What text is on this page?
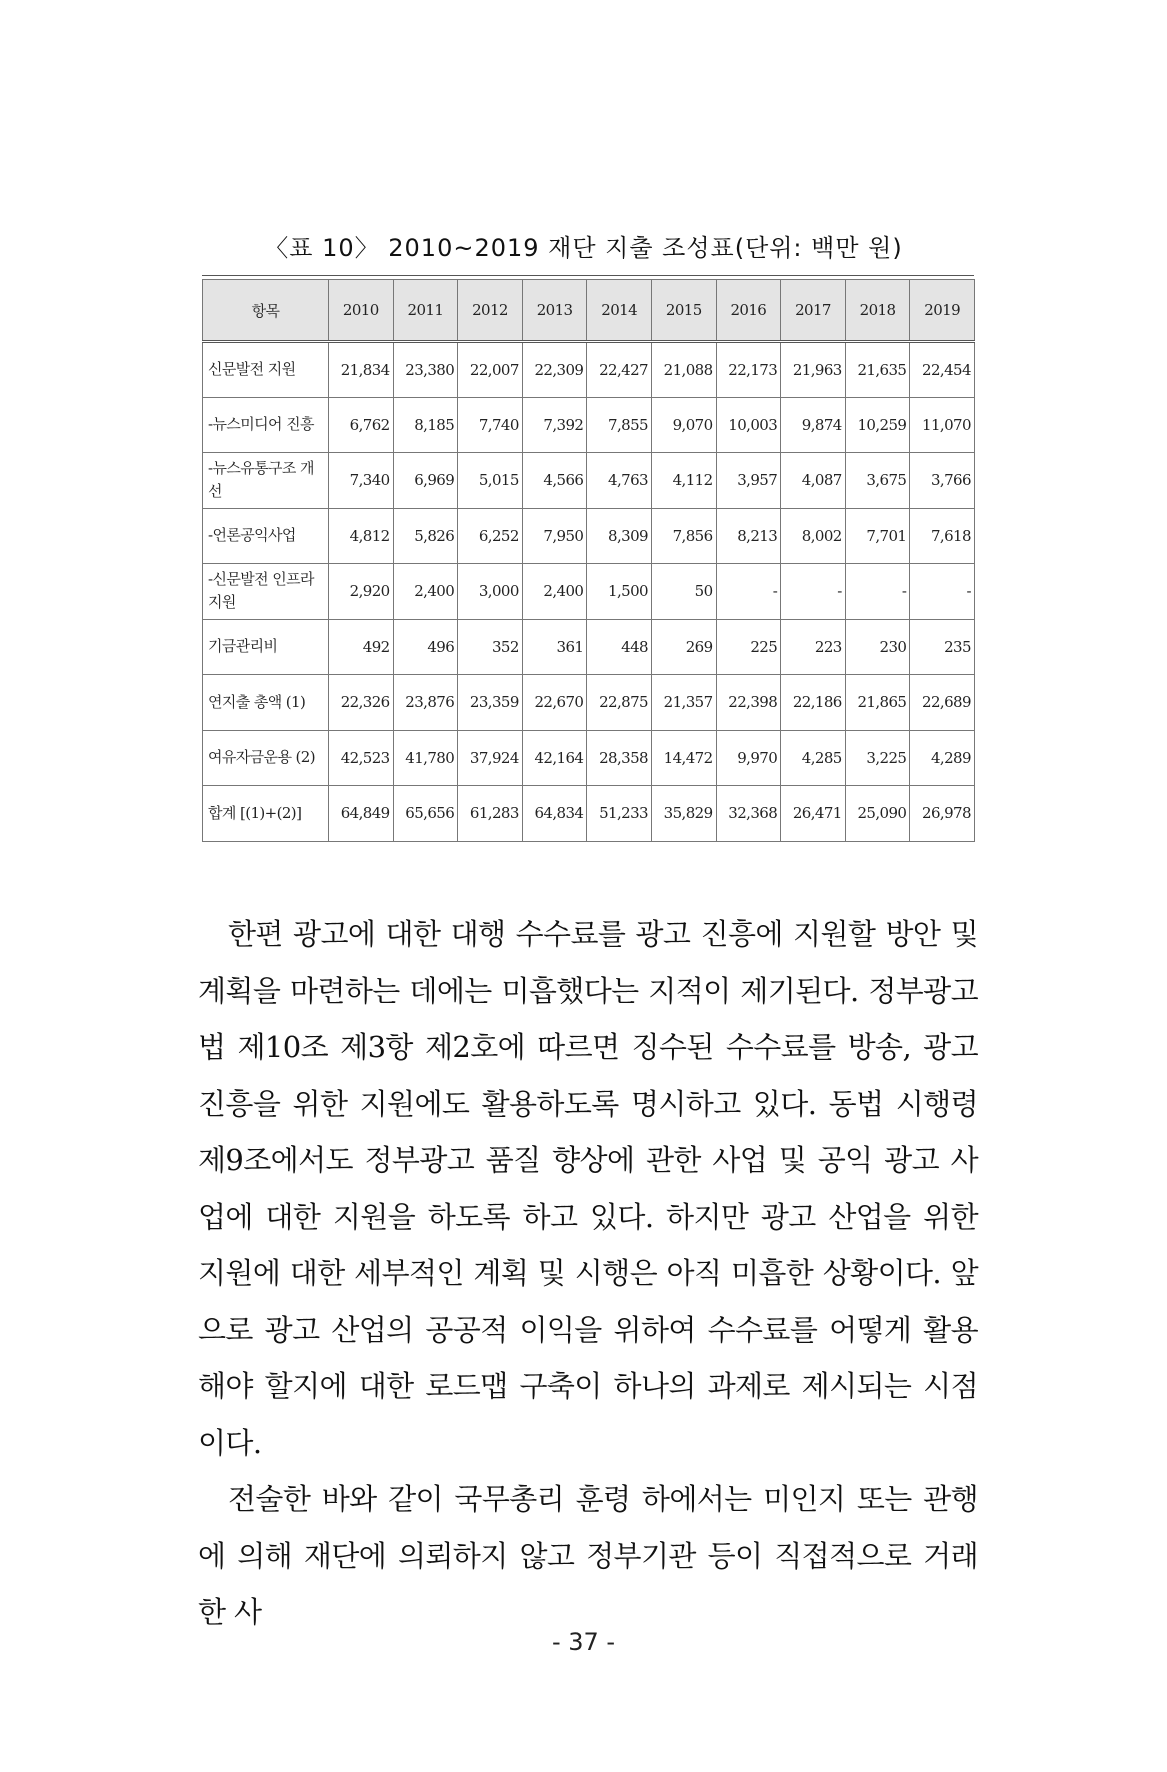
〈표 10〉 2010~2019 재단 지출 조성표(단위: 백만 원)
항목	2010	2011	2012	2013	2014	2015	2016	2017	2018	2019
신문발전 지원	21,834	23,380	22,007	22,309	22,427	21,088	22,173	21,963	21,635	22,454
-뉴스미디어 진흥	6,762	8,185	7,740	7,392	7,855	9,070	10,003	9,874	10,259	11,070
-뉴스유통구조 개선	7,340	6,969	5,015	4,566	4,763	4,112	3,957	4,087	3,675	3,766
-언론공익사업	4,812	5,826	6,252	7,950	8,309	7,856	8,213	8,002	7,701	7,618
-신문발전 인프라 지원	2,920	2,400	3,000	2,400	1,500	50	-	-	-	-
기금관리비	492	496	352	361	448	269	225	223	230	235
연지출 총액 (1)	22,326	23,876	23,359	22,670	22,875	21,357	22,398	22,186	21,865	22,689
여유자금운용 (2)	42,523	41,780	37,924	42,164	28,358	14,472	9,970	4,285	3,225	4,289
합계 [(1)+(2)]	64,849	65,656	61,283	64,834	51,233	35,829	32,368	26,471	25,090	26,978

한편 광고에 대한 대행 수수료를 광고 진흥에 지원할 방안 및 계획을 마련하는 데에는 미흡했다는 지적이 제기된다. 정부광고법 제10조 제3항 제2호에 따르면 징수된 수수료를 방송, 광고 진흥을 위한 지원에도 활용하도록 명시하고 있다. 동법 시행령 제9조에서도 정부광고 품질 향상에 관한 사업 및 공익 광고 사업에 대한 지원을 하도록 하고 있다. 하지만 광고 산업을 위한 지원에 대한 세부적인 계획 및 시행은 아직 미흡한 상황이다. 앞으로 광고 산업의 공공적 이익을 위하여 수수료를 어떻게 활용해야 할지에 대한 로드맵 구축이 하나의 과제로 제시되는 시점이다.

전술한 바와 같이 국무총리 훈령 하에서는 미인지 또는 관행에 의해 재단에 의뢰하지 않고 정부기관 등이 직접적으로 거래한 사

- 37 -
